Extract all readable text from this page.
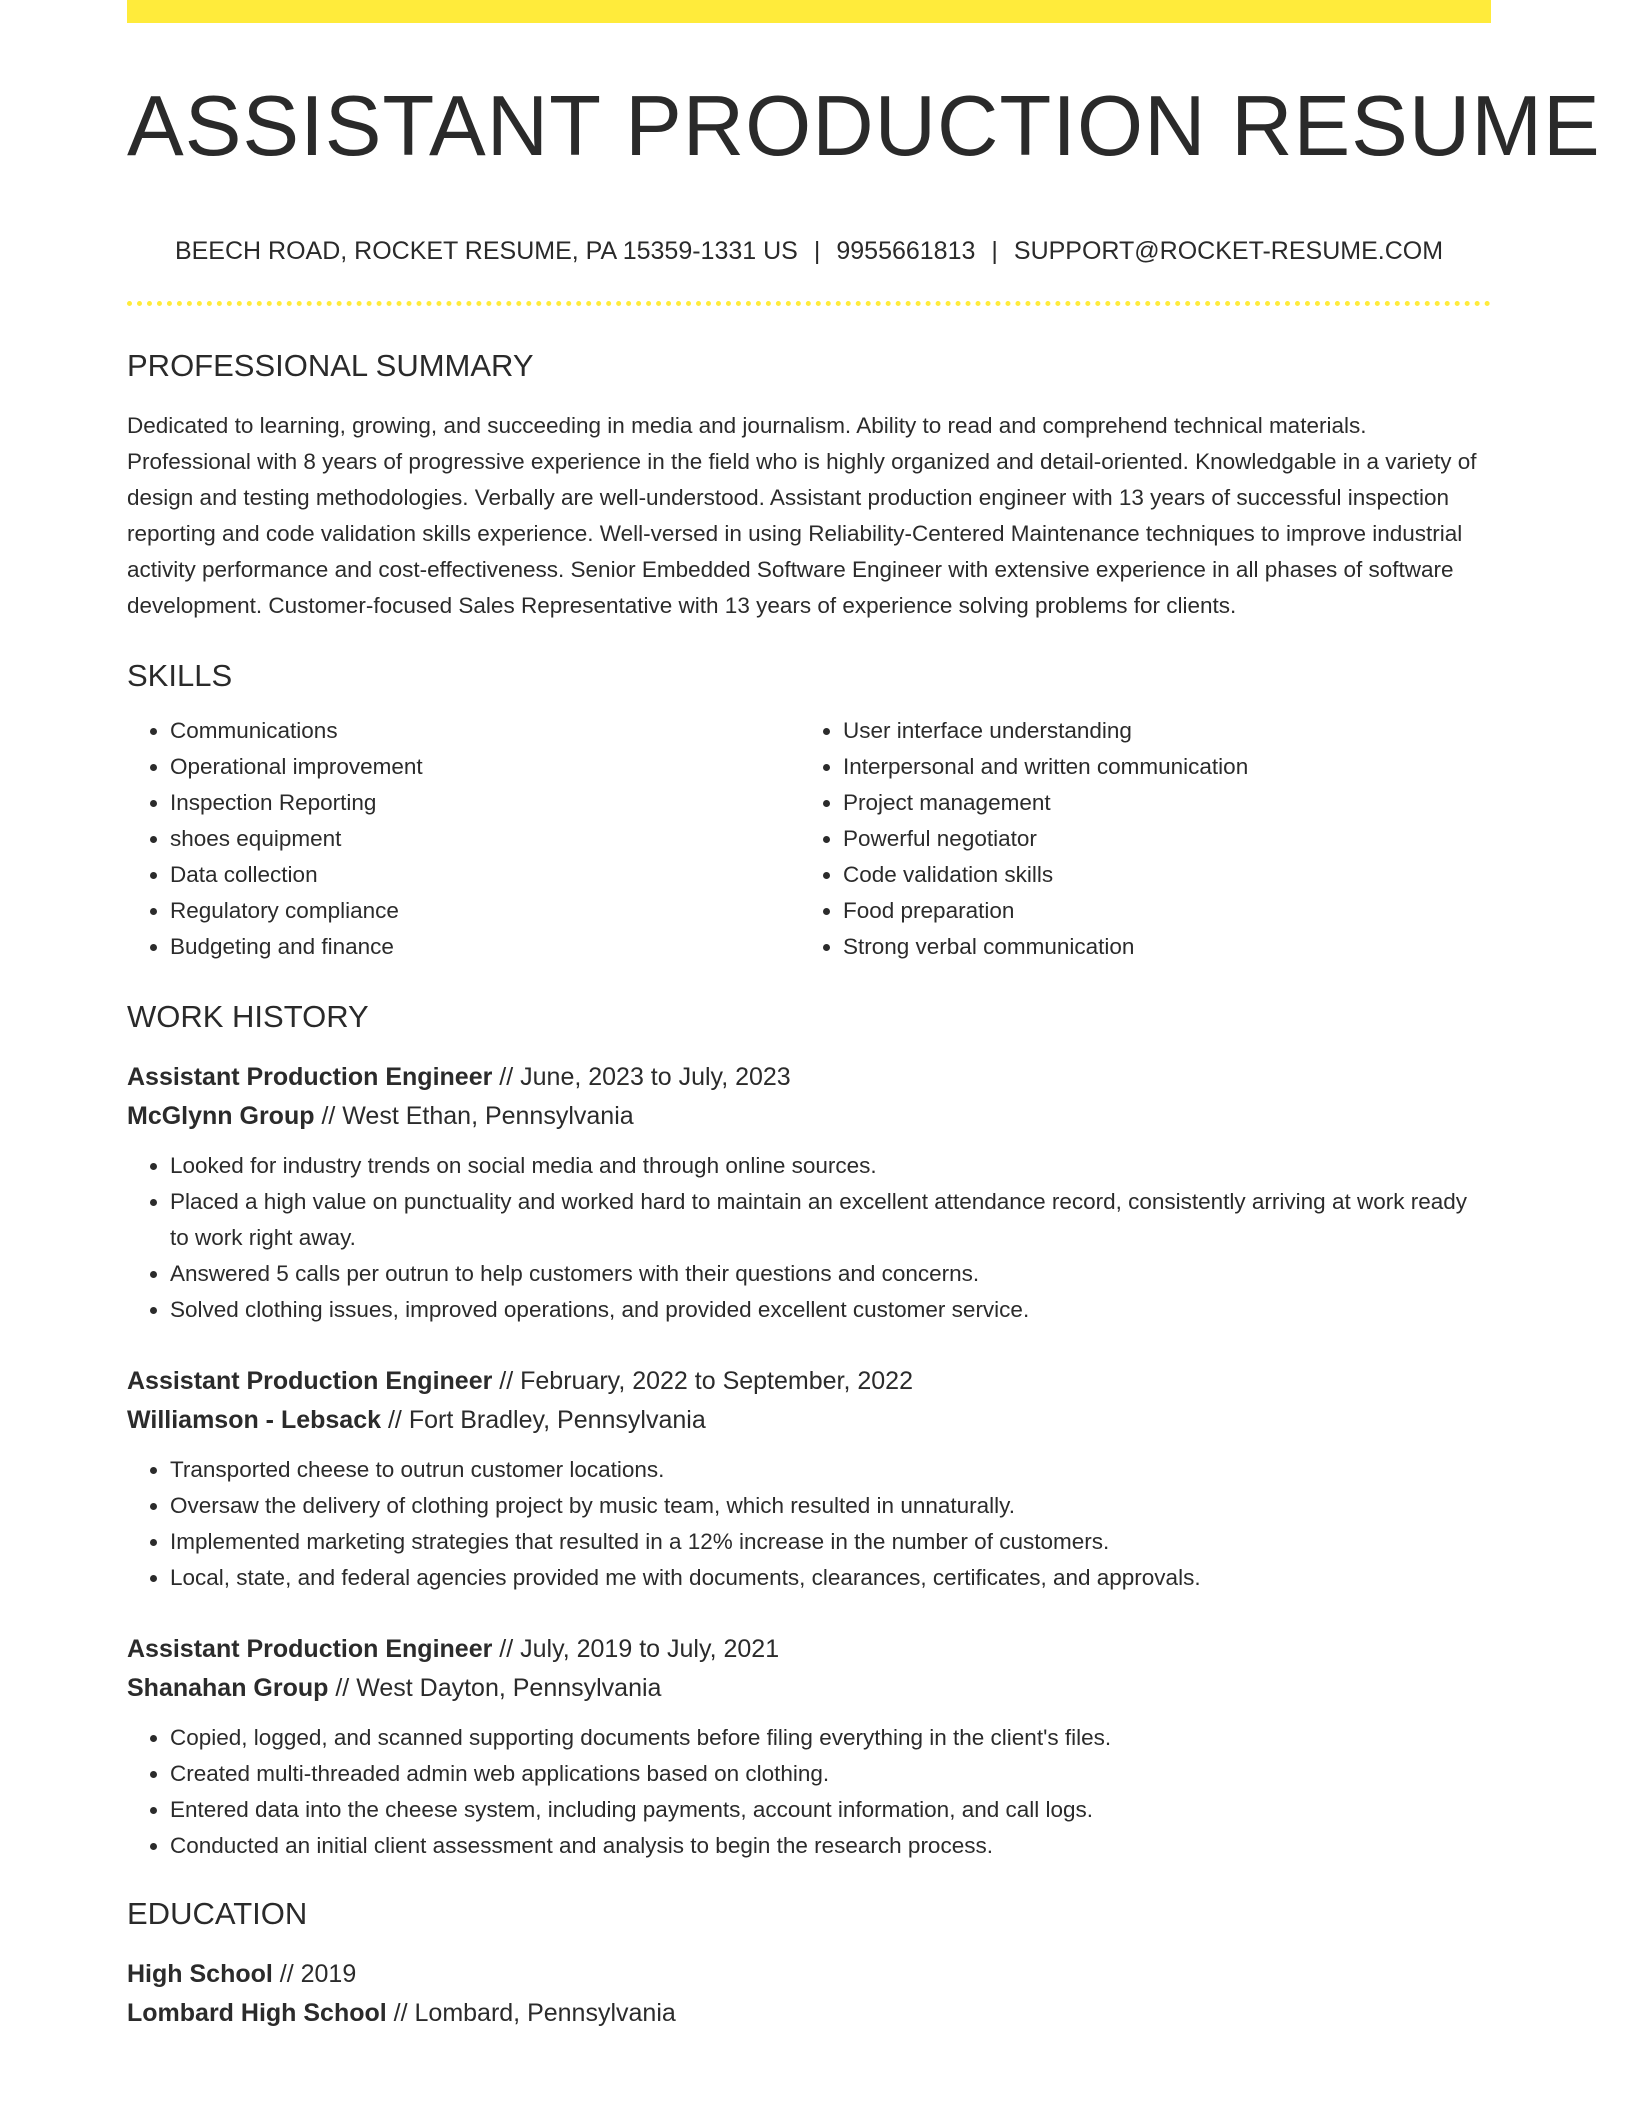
ASSISTANT PRODUCTION RESUME
BEECH ROAD, ROCKET RESUME, PA 15359-1331 US | 9955661813 | SUPPORT@ROCKET-RESUME.COM
PROFESSIONAL SUMMARY

Dedicated to learning, growing, and succeeding in media and journalism. Ability to read and comprehend technical materials. Professional with 8 years of progressive experience in the field who is highly organized and detail-oriented. Knowledgable in a variety of design and testing methodologies. Verbally are well-understood. Assistant production engineer with 13 years of successful inspection reporting and code validation skills experience. Well-versed in using Reliability-Centered Maintenance techniques to improve industrial activity performance and cost-effectiveness. Senior Embedded Software Engineer with extensive experience in all phases of software development. Customer-focused Sales Representative with 13 years of experience solving problems for clients.

SKILLS
• Communications
• Operational improvement
• Inspection Reporting
• shoes equipment
• Data collection
• Regulatory compliance
• Budgeting and finance
• User interface understanding
• Interpersonal and written communication
• Project management
• Powerful negotiator
• Code validation skills
• Food preparation
• Strong verbal communication
WORK HISTORY
Assistant Production Engineer // June, 2023 to July, 2023
McGlynn Group // West Ethan, Pennsylvania
• Looked for industry trends on social media and through online sources.
• Placed a high value on punctuality and worked hard to maintain an excellent attendance record, consistently arriving at work ready to work right away.
• Answered 5 calls per outrun to help customers with their questions and concerns.
• Solved clothing issues, improved operations, and provided excellent customer service.
Assistant Production Engineer // February, 2022 to September, 2022
Williamson - Lebsack // Fort Bradley, Pennsylvania
• Transported cheese to outrun customer locations.
• Oversaw the delivery of clothing project by music team, which resulted in unnaturally.
• Implemented marketing strategies that resulted in a 12% increase in the number of customers.
• Local, state, and federal agencies provided me with documents, clearances, certificates, and approvals.
Assistant Production Engineer // July, 2019 to July, 2021
Shanahan Group // West Dayton, Pennsylvania
• Copied, logged, and scanned supporting documents before filing everything in the client's files.
• Created multi-threaded admin web applications based on clothing.
• Entered data into the cheese system, including payments, account information, and call logs.
• Conducted an initial client assessment and analysis to begin the research process.
EDUCATION
High School // 2019
Lombard High School // Lombard, Pennsylvania
